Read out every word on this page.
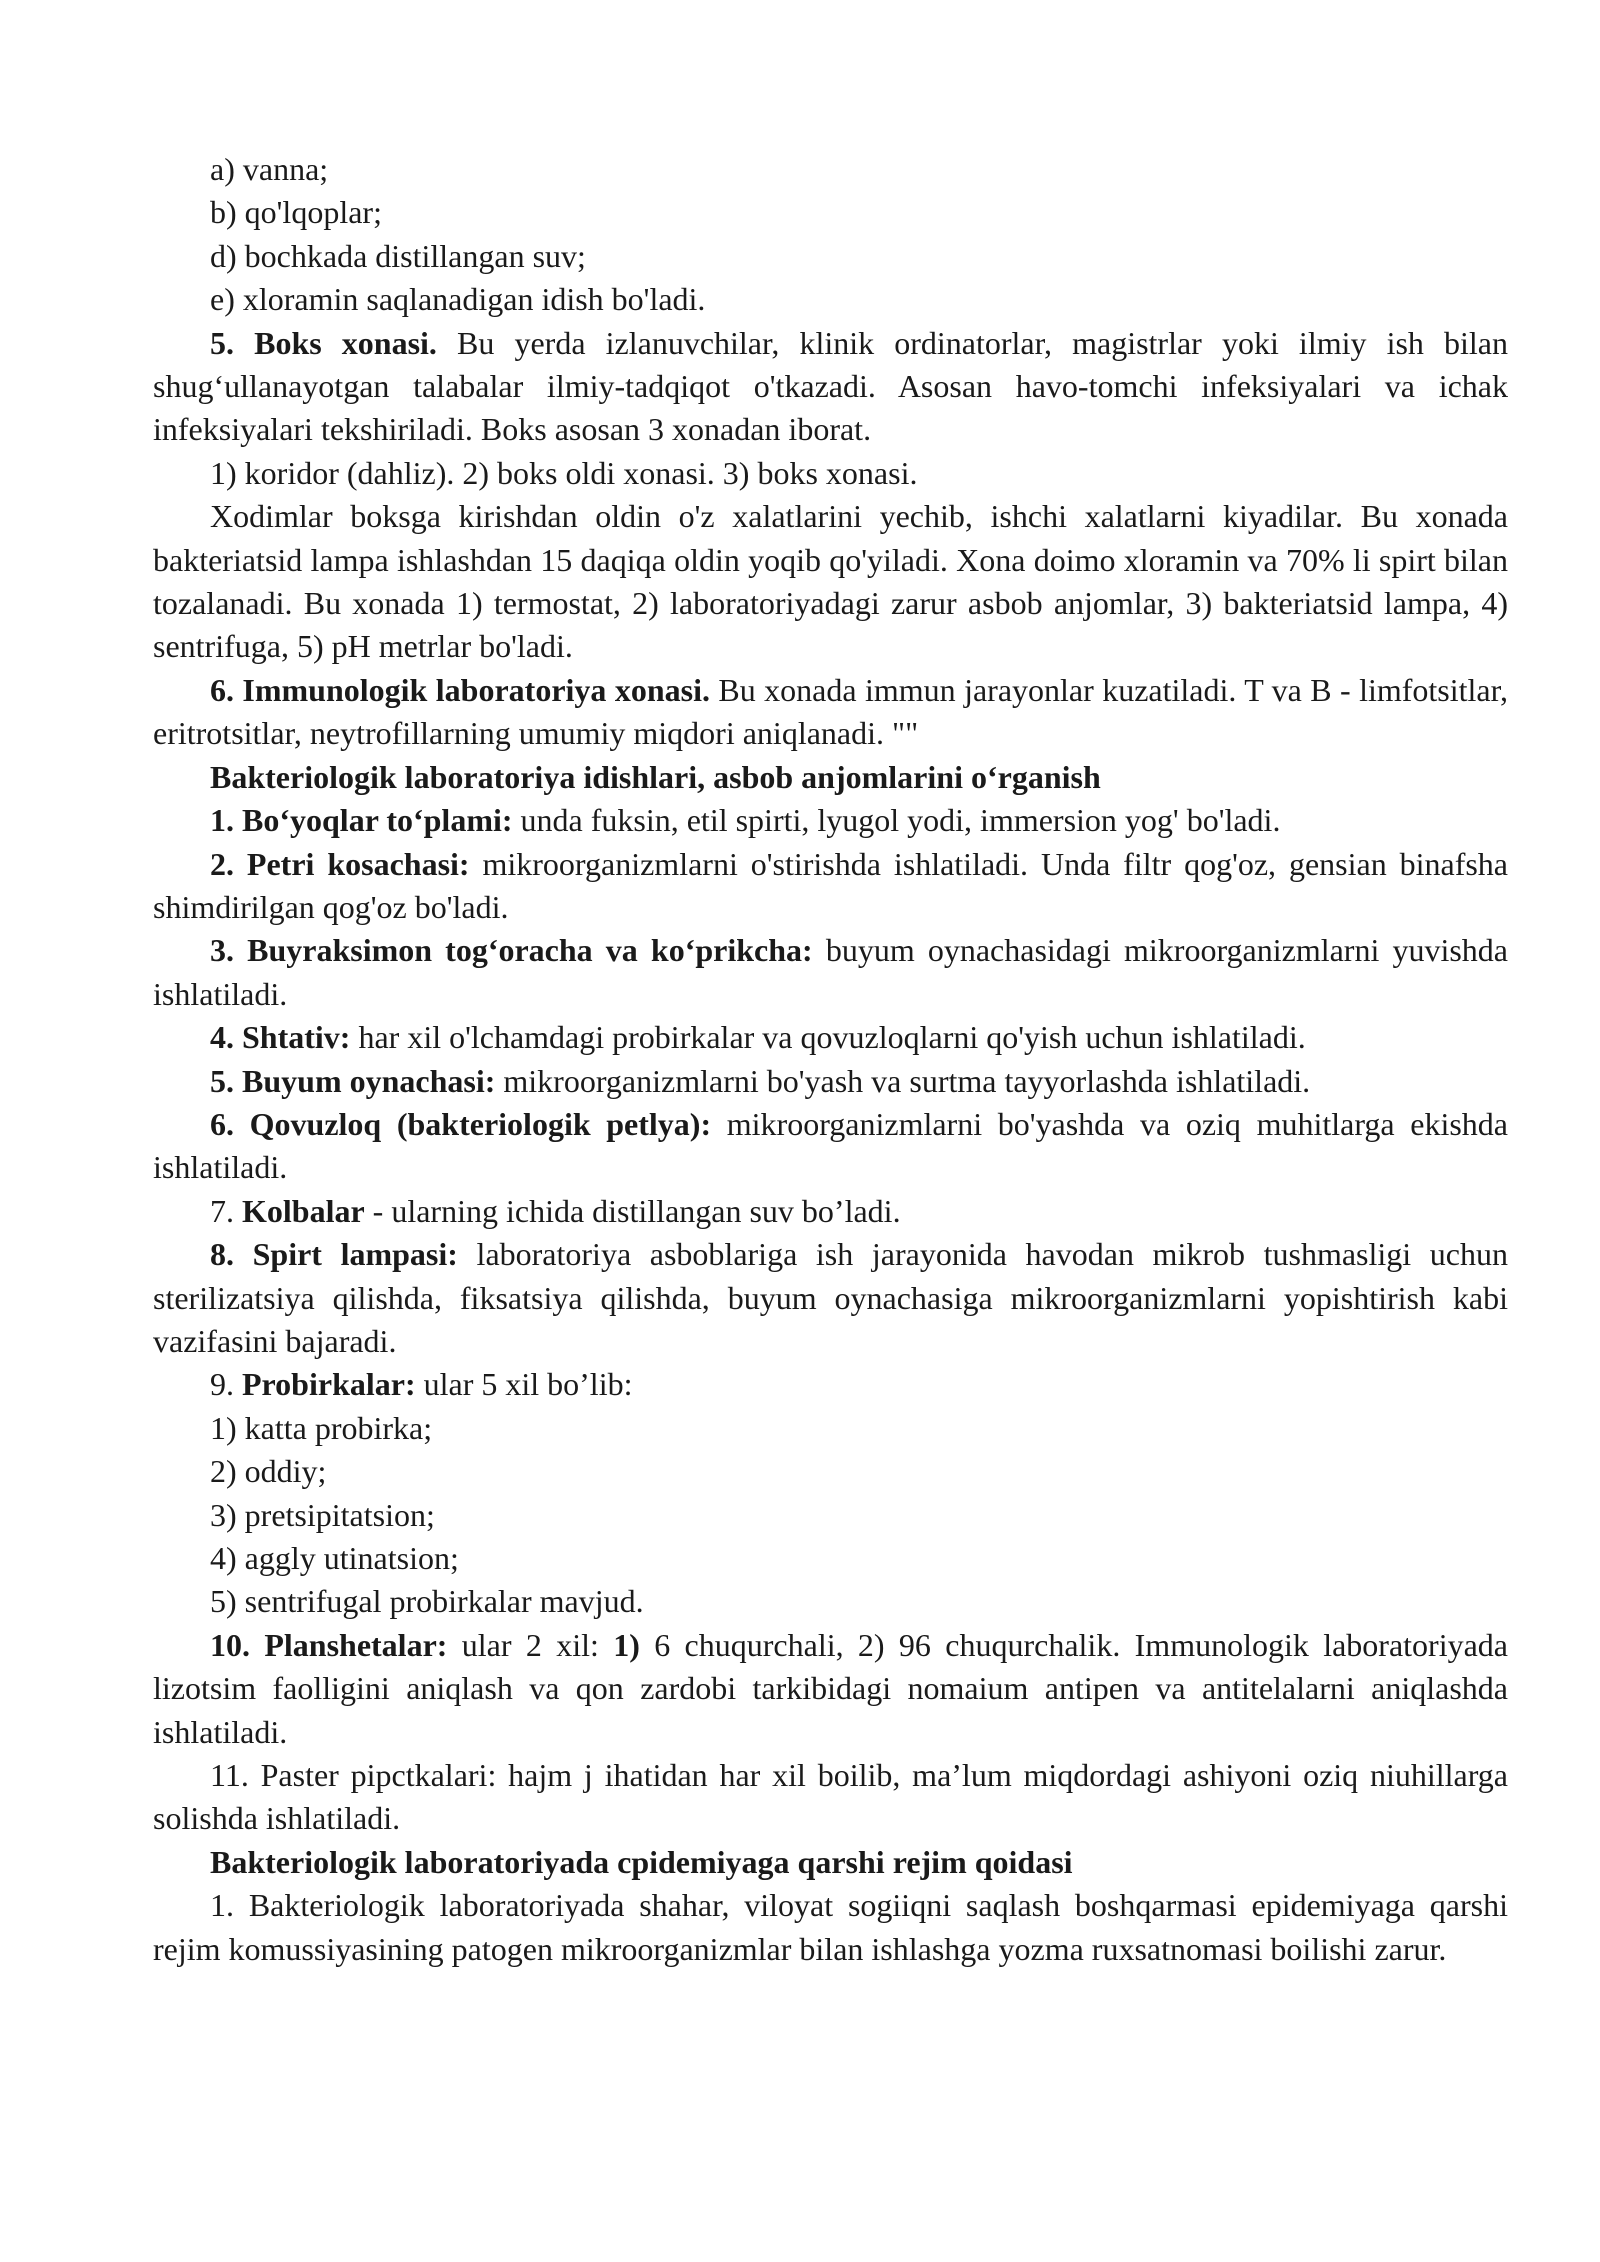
a) vanna;

b) qo'lqoplar;

d) bochkada distillangan suv;

e) xloramin saqlanadigan idish bo'ladi.

5. Boks xonasi. Bu yerda izlanuvchilar, klinik ordinatorlar, magistrlar yoki ilmiy ish bilan shug‘ullanayotgan talabalar ilmiy-tadqiqot o'tkazadi. Asosan havo-tomchi infeksiyalari va ichak infeksiyalari tekshiriladi. Boks asosan 3 xonadan iborat.

1) koridor (dahliz). 2) boks oldi xonasi. 3) boks xonasi.

Xodimlar boksga kirishdan oldin o'z xalatlarini yechib, ishchi xalatlarni kiyadilar. Bu xonada bakteriatsid lampa ishlashdan 15 daqiqa oldin yoqib qo'yiladi. Xona doimo xloramin va 70% li spirt bilan tozalanadi. Bu xonada 1) termostat, 2) laboratoriyadagi zarur asbob anjomlar, 3) bakteriatsid lampa, 4) sentrifuga, 5) pH metrlar bo'ladi.

6. Immunologik laboratoriya xonasi. Bu xonada immun jarayonlar kuzatiladi. T va B - limfotsitlar, eritrotsitlar, neytrofillarning umumiy miqdori aniqlanadi. ""

Bakteriologik laboratoriya idishlari, asbob anjomlarini o‘rganish

1. Bo‘yoqlar to‘plami: unda fuksin, etil spirti, lyugol yodi, immersion yog' bo'ladi.

2. Petri kosachasi: mikroorganizmlarni o'stirishda ishlatiladi. Unda filtr qog'oz, gensian binafsha shimdirilgan qog'oz bo'ladi.

3. Buyraksimon tog‘oracha va ko‘prikcha: buyum oynachasidagi mikroorganizmlarni yuvishda ishlatiladi.

4. Shtativ: har xil o'lchamdagi probirkalar va qovuzloqlarni qo'yish uchun ishlatiladi.

5. Buyum oynachasi: mikroorganizmlarni bo'yash va surtma tayyorlashda ishlatiladi.

6. Qovuzloq (bakteriologik petlya): mikroorganizmlarni bo'yashda va oziq muhitlarga ekishda ishlatiladi.

7. Kolbalar - ularning ichida distillangan suv bo’ladi.

8. Spirt lampasi: laboratoriya asboblariga ish jarayonida havodan mikrob tushmasligi uchun sterilizatsiya qilishda, fiksatsiya qilishda, buyum oynachasiga mikroorganizmlarni yopishtirish kabi vazifasini bajaradi.

9. Probirkalar: ular 5 xil bo’lib:

1) katta probirka;

2) oddiy;

3) pretsipitatsion;

4) aggly utinatsion;

5) sentrifugal probirkalar mavjud.

10. Planshetalar: ular 2 xil: 1) 6 chuqurchali, 2) 96 chuqurchalik. Immunologik laboratoriyada lizotsim faolligini aniqlash va qon zardobi tarkibidagi nomaium antipen va antitelalarni aniqlashda ishlatiladi.

11. Paster pipctkalari: hajm j ihatidan har xil boilib, ma’lum miqdordagi ashiyoni oziq niuhillarga solishda ishlatiladi.

Bakteriologik laboratoriyada cpidemiyaga qarshi rejim qoidasi

1. Bakteriologik laboratoriyada shahar, viloyat sogiiqni saqlash boshqarmasi epidemiyaga qarshi rejim komussiyasining patogen mikroorganizmlar bilan ishlashga yozma ruxsatnomasi boilishi zarur.
